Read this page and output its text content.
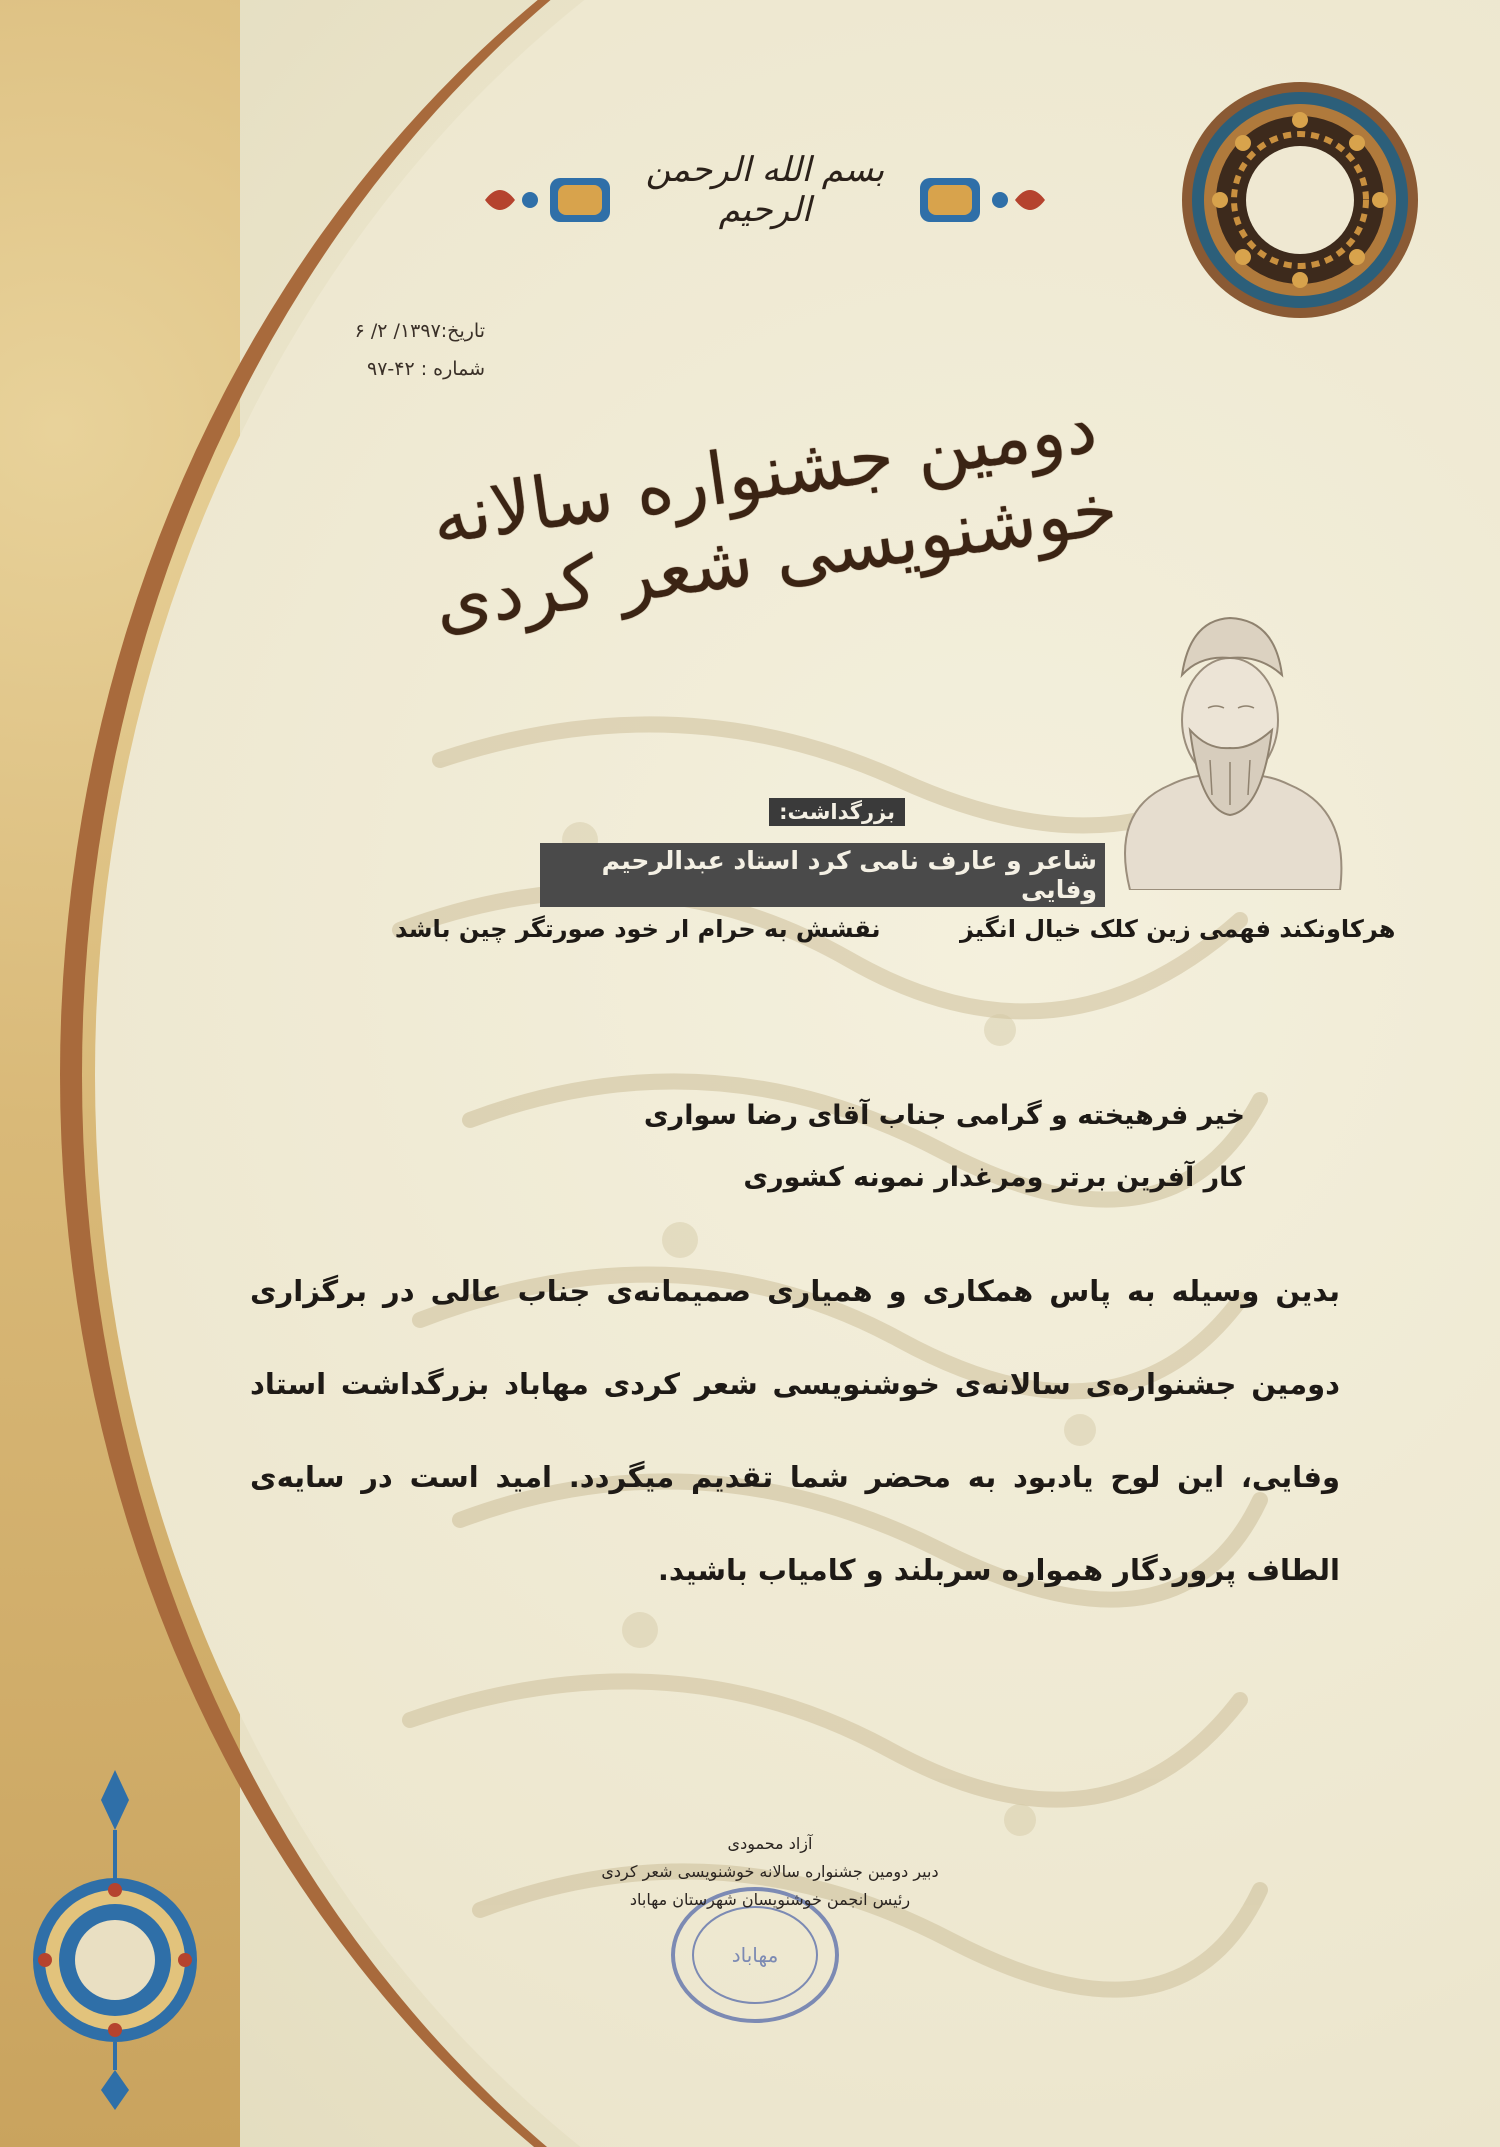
بسم الله الرحمن الرحیم
تاریخ:۱۳۹۷/ ۲/ ۶
شماره : ۴۲-۹۷
دومین جشنواره سالانه خوشنویسی شعر کردی
بزرگداشت:
شاعر و عارف نامی کرد استاد عبدالرحیم وفایی
هرکاونکند فهمی زین کلک خیال انگیز
نقشش به حرام ار خود صورتگر چین باشد
خیر فرهیخته و گرامی جناب آقای رضا سواری
کار آفرین برتر ومرغدار نمونه کشوری
بدین وسیله به پاس همکاری و همیاری صمیمانه‌ی جناب عالی در برگزاری دومین جشنواره‌ی سالانه‌ی خوشنویسی شعر کردی مهاباد بزرگداشت استاد وفایی، این لوح یادبود به محضر شما تقدیم میگردد. امید است در سایه‌ی الطاف پروردگار همواره سربلند و کامیاب باشید.
مهاباد
آزاد محمودی
دبیر دومین جشنواره سالانه خوشنویسی شعر کردی
رئیس انجمن خوشنویسان شهرستان مهاباد
